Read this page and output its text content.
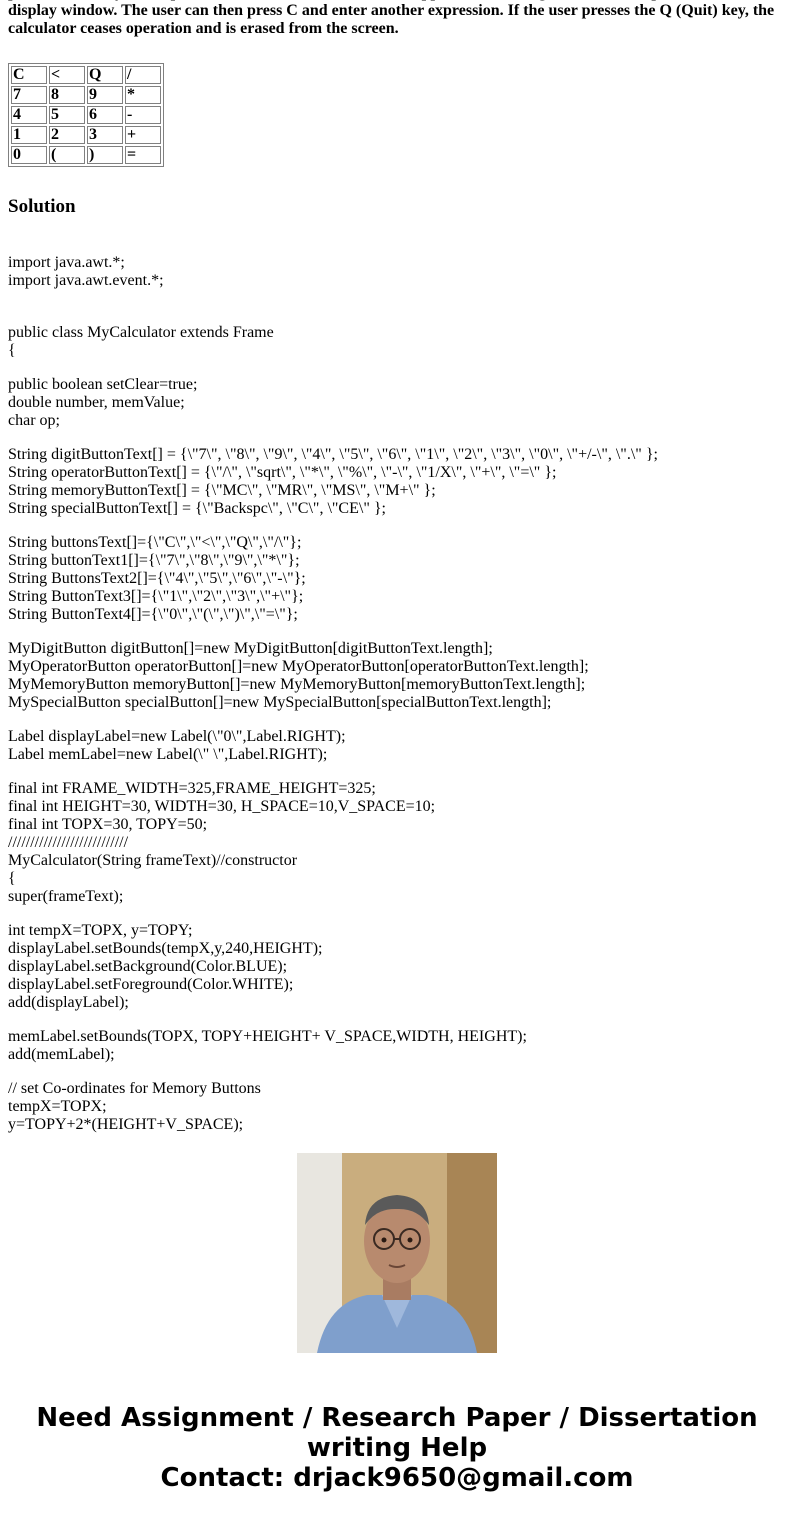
display window. The user can then press C and enter another expression. If the user presses the Q (Quit) key, the calculator ceases operation and is erased from the screen.

C	<	Q	/
7	8	9	*
4	5	6	-
1	2	3	+
0	(	)	=
Solution
import java.awt.*;
import java.awt.event.*;
public class MyCalculator extends Frame
{
public boolean setClear=true;
double number, memValue;
char op;
String digitButtonText[] = {\"7\", \"8\", \"9\", \"4\", \"5\", \"6\", \"1\", \"2\", \"3\", \"0\", \"+/-\", \".\" };
String operatorButtonText[] = {\"/\", \"sqrt\", \"*\", \"%\", \"-\", \"1/X\", \"+\", \"=\" };
String memoryButtonText[] = {\"MC\", \"MR\", \"MS\", \"M+\" };
String specialButtonText[] = {\"Backspc\", \"C\", \"CE\" };
String buttonsText[]={\"C\",\"<\",\"Q\",\"/\"};
String buttonText1[]={\"7\",\"8\",\"9\",\"*\"};
String ButtonsText2[]={\"4\",\"5\",\"6\",\"-\"};
String ButtonText3[]={\"1\",\"2\",\"3\",\"+\"};
String ButtonText4[]={\"0\",\"(\",\")\",\"=\"};
MyDigitButton digitButton[]=new MyDigitButton[digitButtonText.length];
MyOperatorButton operatorButton[]=new MyOperatorButton[operatorButtonText.length];
MyMemoryButton memoryButton[]=new MyMemoryButton[memoryButtonText.length];
MySpecialButton specialButton[]=new MySpecialButton[specialButtonText.length];
Label displayLabel=new Label(\"0\",Label.RIGHT);
Label memLabel=new Label(\" \",Label.RIGHT);
final int FRAME_WIDTH=325,FRAME_HEIGHT=325;
final int HEIGHT=30, WIDTH=30, H_SPACE=10,V_SPACE=10;
final int TOPX=30, TOPY=50;
///////////////////////////
MyCalculator(String frameText)//constructor
{
super(frameText);
int tempX=TOPX, y=TOPY;
displayLabel.setBounds(tempX,y,240,HEIGHT);
displayLabel.setBackground(Color.BLUE);
displayLabel.setForeground(Color.WHITE);
add(displayLabel);
memLabel.setBounds(TOPX, TOPY+HEIGHT+ V_SPACE,WIDTH, HEIGHT);
add(memLabel);
// set Co-ordinates for Memory Buttons
tempX=TOPX;
y=TOPY+2*(HEIGHT+V_SPACE);
Need Assignment / Research Paper / Dissertation
writing Help
Contact: drjack9650@gmail.com
